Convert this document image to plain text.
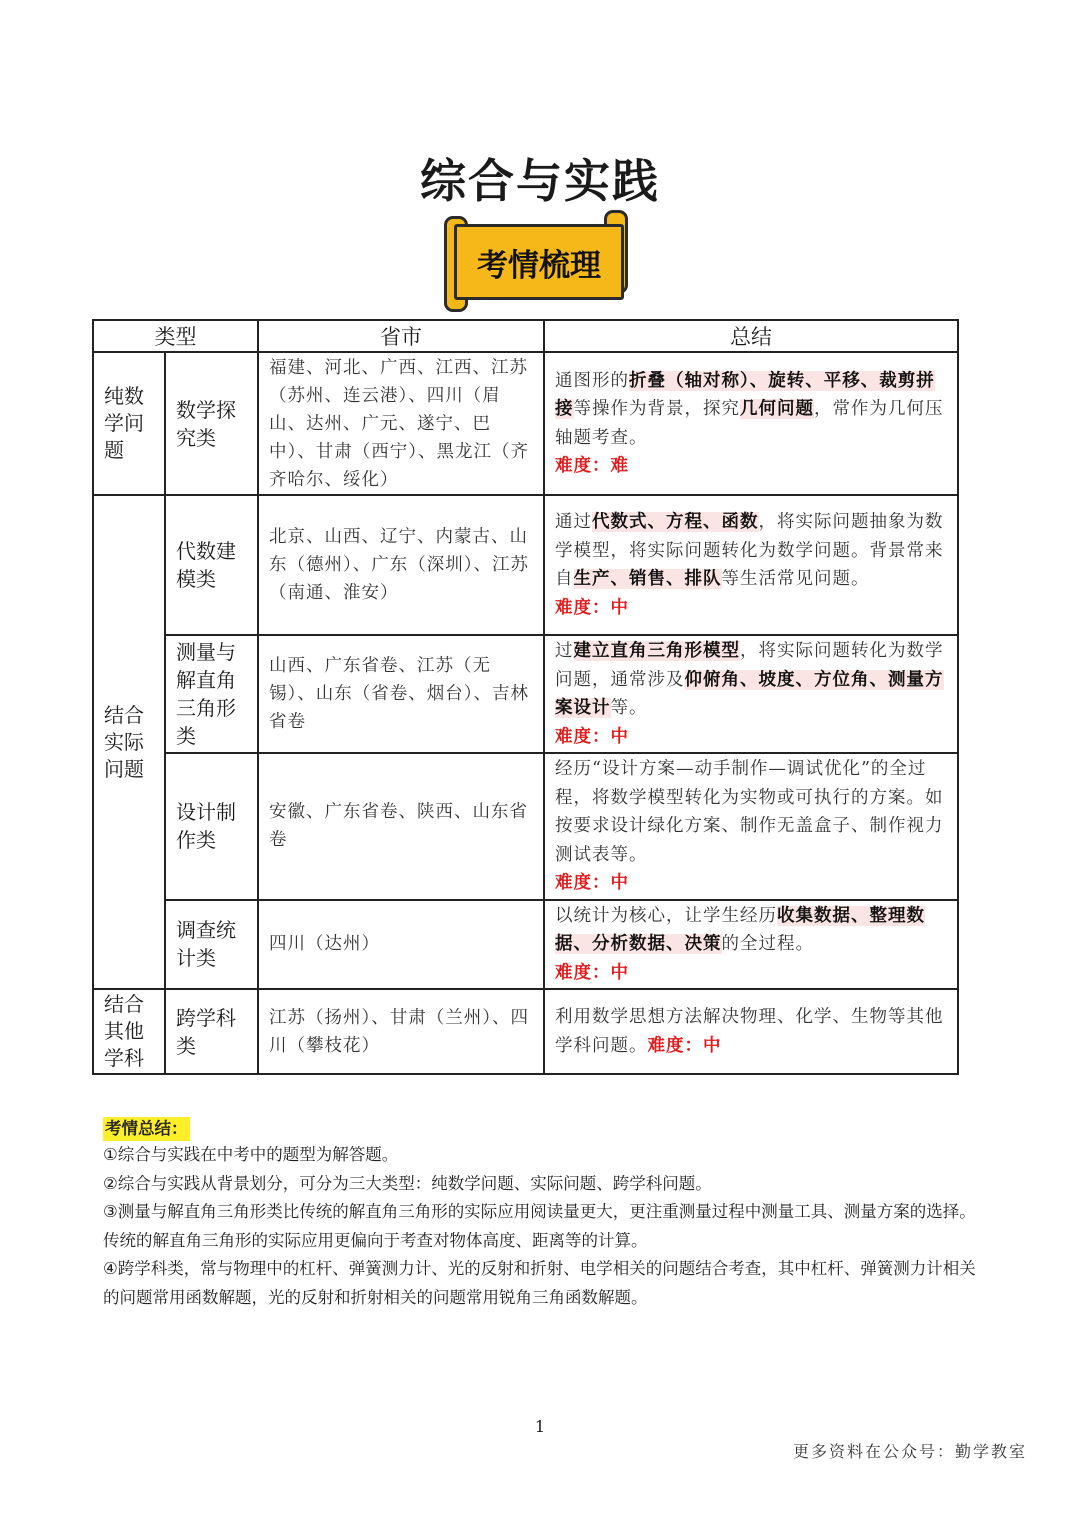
综合与实践
考情梳理
类型		省市	总结
纯数学问题	数学探究类	福建、河北、广西、江西、江苏（苏州、连云港）、四川（眉山、达州、广元、遂宁、巴中）、甘肃（西宁）、黑龙江（齐齐哈尔、绥化）	通图形的折叠（轴对称）、旋转、平移、裁剪拼接等操作为背景，探究几何问题，常作为几何压轴题考查。
难度：难
结合实际问题	代数建模类	北京、山西、辽宁、内蒙古、山东（德州）、广东（深圳）、江苏（南通、淮安）	通过代数式、方程、函数，将实际问题抽象为数学模型，将实际问题转化为数学问题。背景常来自生产、销售、排队等生活常见问题。
难度：中
	测量与解直角三角形类	山西、广东省卷、江苏（无锡）、山东（省卷、烟台）、吉林省卷	过建立直角三角形模型，将实际问题转化为数学问题，通常涉及仰俯角、坡度、方位角、测量方案设计等。
难度：中
	设计制作类	安徽、广东省卷、陕西、山东省卷	经历“设计方案—动手制作—调试优化”的全过程，将数学模型转化为实物或可执行的方案。如按要求设计绿化方案、制作无盖盒子、制作视力测试表等。
难度：中
	调查统计类	四川（达州）	以统计为核心，让学生经历收集数据、整理数据、分析数据、决策的全过程。
难度：中
结合其他学科	跨学科类	江苏（扬州）、甘肃（兰州）、四川（攀枝花）	利用数学思想方法解决物理、化学、生物等其他学科问题。难度：中
考情总结：

①综合与实践在中考中的题型为解答题。

②综合与实践从背景划分，可分为三大类型：纯数学问题、实际问题、跨学科问题。

③测量与解直角三角形类比传统的解直角三角形的实际应用阅读量更大，更注重测量过程中测量工具、测量方案的选择。传统的解直角三角形的实际应用更偏向于考查对物体高度、距离等的计算。

④跨学科类，常与物理中的杠杆、弹簧测力计、光的反射和折射、电学相关的问题结合考查，其中杠杆、弹簧测力计相关的问题常用函数解题，光的反射和折射相关的问题常用锐角三角函数解题。

1
更多资料在公众号：勤学教室
